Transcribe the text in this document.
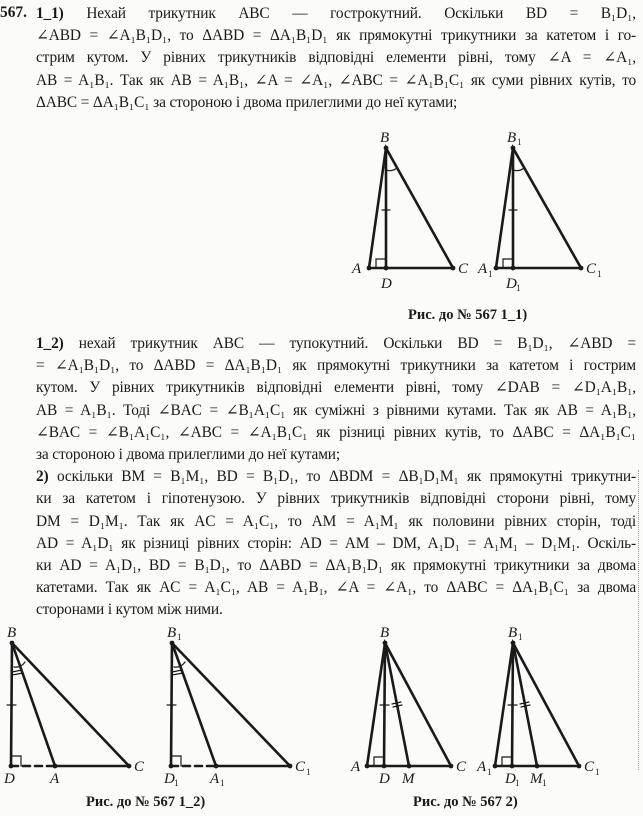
567. 1_1) Нехай трикутник ABC — гострокутний. Оскільки BD = B₁D₁,
∠ABD = ∠A₁B₁D₁, то ΔABD = ΔA₁B₁D₁ як прямокутні трикутники за катетом і го-
стрим кутом. У рівних трикутників відповідні елементи рівні, тому ∠A = ∠A₁,
AB = A₁B₁. Так як AB = A₁B₁, ∠A = ∠A₁, ∠ABC = ∠A₁B₁C₁ як суми рівних кутів, то
ΔABC = ΔA₁B₁C₁ за стороною і двома прилеглими до неї кутами;
B
A
D
C
B 1
A 1
D 1
C 1
Рис. до № 567 1_1)
1_2) нехай трикутник ABC — тупокутний. Оскільки BD = B₁D₁, ∠ABD =
= ∠A₁B₁D₁, то ΔABD = ΔA₁B₁D₁ як прямокутні трикутники за катетом і гострим
кутом. У рівних трикутників відповідні елементи рівні, тому ∠DAB = ∠D₁A₁B₁,
AB = A₁B₁. Тоді ∠BAC = ∠B₁A₁C₁ як суміжні з рівними кутами. Так як AB = A₁B₁,
∠BAC = ∠B₁A₁C₁, ∠ABC = ∠A₁B₁C₁ як різниці рівних кутів, то ΔABC = ΔA₁B₁C₁
за стороною і двома прилеглими до неї кутами;
2) оскільки BM = B₁M₁, BD = B₁D₁, то ΔBDM = ΔB₁D₁M₁ як прямокутні трикутни-
ки за катетом і гіпотенузою. У рівних трикутників відповідні сторони рівні, тому
DM = D₁M₁. Так як AC = A₁C₁, то AM = A₁M₁ як половини рівних сторін, тоді
AD = A₁D₁ як різниці рівних сторін: AD = AM – DM, A₁D₁ = A₁M₁ – D₁M₁. Оскіль-
ки AD = A₁D₁, BD = B₁D₁, то ΔABD = ΔA₁B₁D₁ як прямокутні трикутники за двома
катетами. Так як AC = A₁C₁, AB = A₁B₁, ∠A = ∠A₁, то ΔABC = ΔA₁B₁C₁ за двома
сторонами і кутом між ними.
B
D A
C
B 1
D 1 A 1
C 1
Рис. до № 567 1_2)
B
A
D M
C
B 1
A 1 D 1 M 1
C 1
Рис. до № 567 2)
